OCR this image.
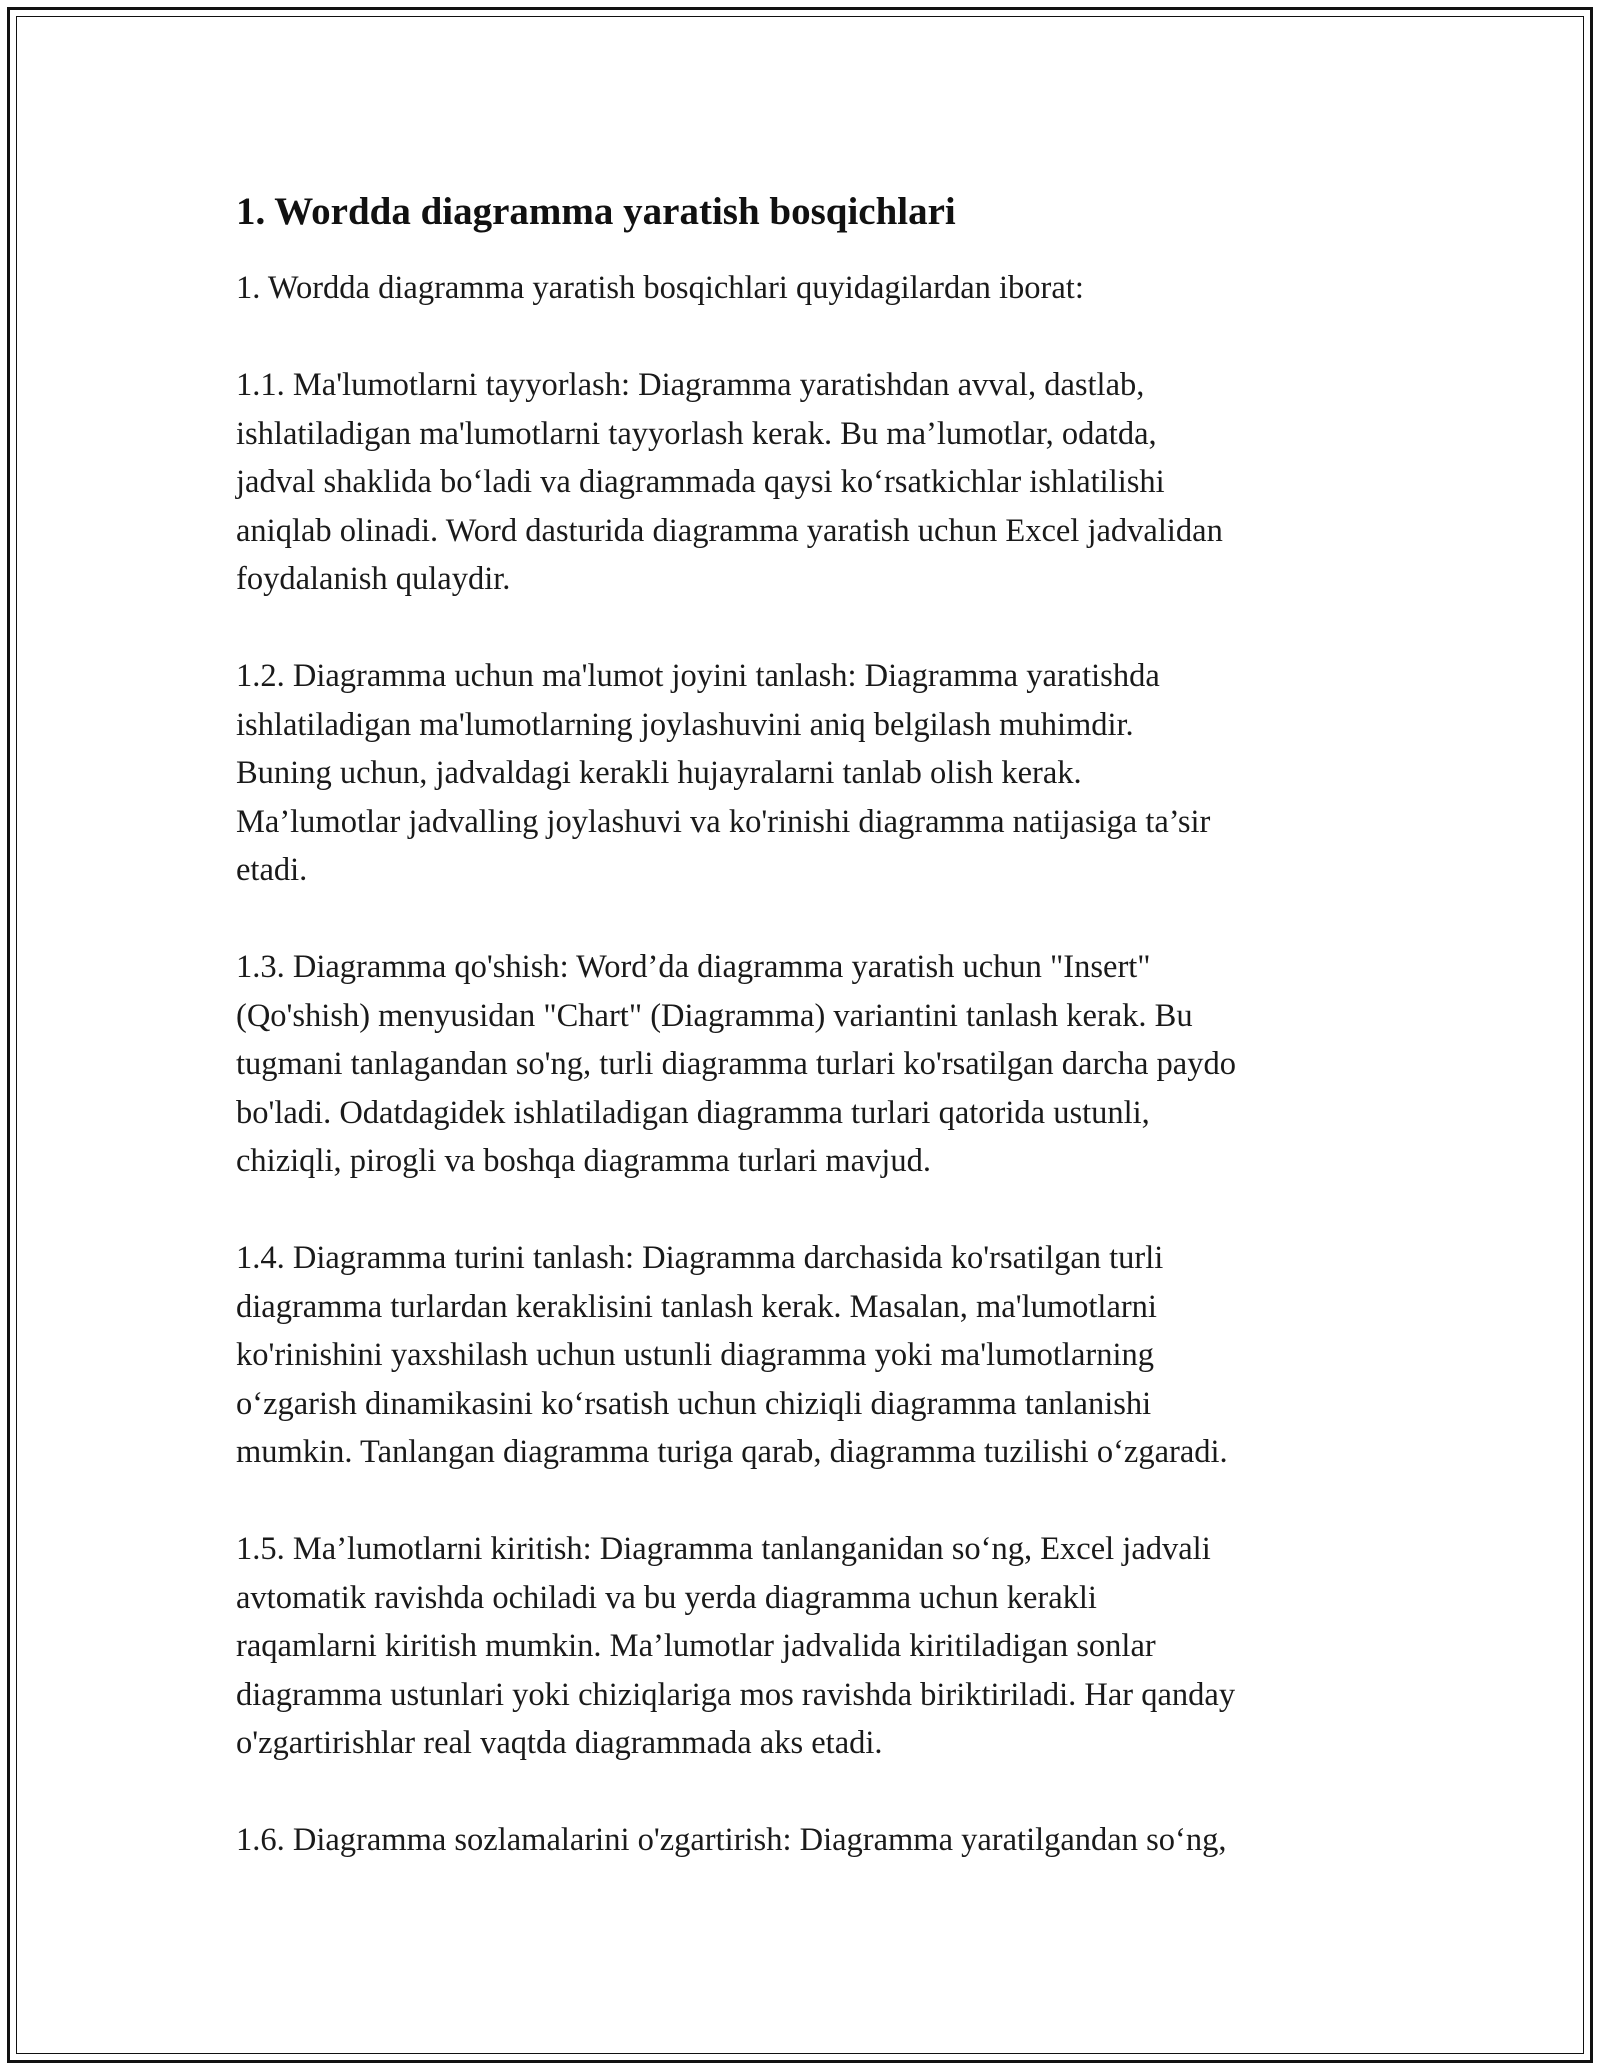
1. Wordda diagramma yaratish bosqichlari

1. Wordda diagramma yaratish bosqichlari quyidagilardan iborat:

1.1. Ma'lumotlarni tayyorlash: Diagramma yaratishdan avval, dastlab,
ishlatiladigan ma'lumotlarni tayyorlash kerak. Bu ma’lumotlar, odatda,
jadval shaklida bo‘ladi va diagrammada qaysi ko‘rsatkichlar ishlatilishi
aniqlab olinadi. Word dasturida diagramma yaratish uchun Excel jadvalidan
foydalanish qulaydir.

1.2. Diagramma uchun ma'lumot joyini tanlash: Diagramma yaratishda
ishlatiladigan ma'lumotlarning joylashuvini aniq belgilash muhimdir.
Buning uchun, jadvaldagi kerakli hujayralarni tanlab olish kerak.
Ma’lumotlar jadvalling joylashuvi va ko'rinishi diagramma natijasiga ta’sir
etadi.

1.3. Diagramma qo'shish: Word’da diagramma yaratish uchun "Insert"
(Qo'shish) menyusidan "Chart" (Diagramma) variantini tanlash kerak. Bu
tugmani tanlagandan so'ng, turli diagramma turlari ko'rsatilgan darcha paydo
bo'ladi. Odatdagidek ishlatiladigan diagramma turlari qatorida ustunli,
chiziqli, pirogli va boshqa diagramma turlari mavjud.

1.4. Diagramma turini tanlash: Diagramma darchasida ko'rsatilgan turli
diagramma turlardan keraklisini tanlash kerak. Masalan, ma'lumotlarni
ko'rinishini yaxshilash uchun ustunli diagramma yoki ma'lumotlarning
o‘zgarish dinamikasini ko‘rsatish uchun chiziqli diagramma tanlanishi
mumkin. Tanlangan diagramma turiga qarab, diagramma tuzilishi o‘zgaradi.

1.5. Ma’lumotlarni kiritish: Diagramma tanlanganidan so‘ng, Excel jadvali
avtomatik ravishda ochiladi va bu yerda diagramma uchun kerakli
raqamlarni kiritish mumkin. Ma’lumotlar jadvalida kiritiladigan sonlar
diagramma ustunlari yoki chiziqlariga mos ravishda biriktiriladi. Har qanday
o'zgartirishlar real vaqtda diagrammada aks etadi.

1.6. Diagramma sozlamalarini o'zgartirish: Diagramma yaratilgandan so‘ng,
